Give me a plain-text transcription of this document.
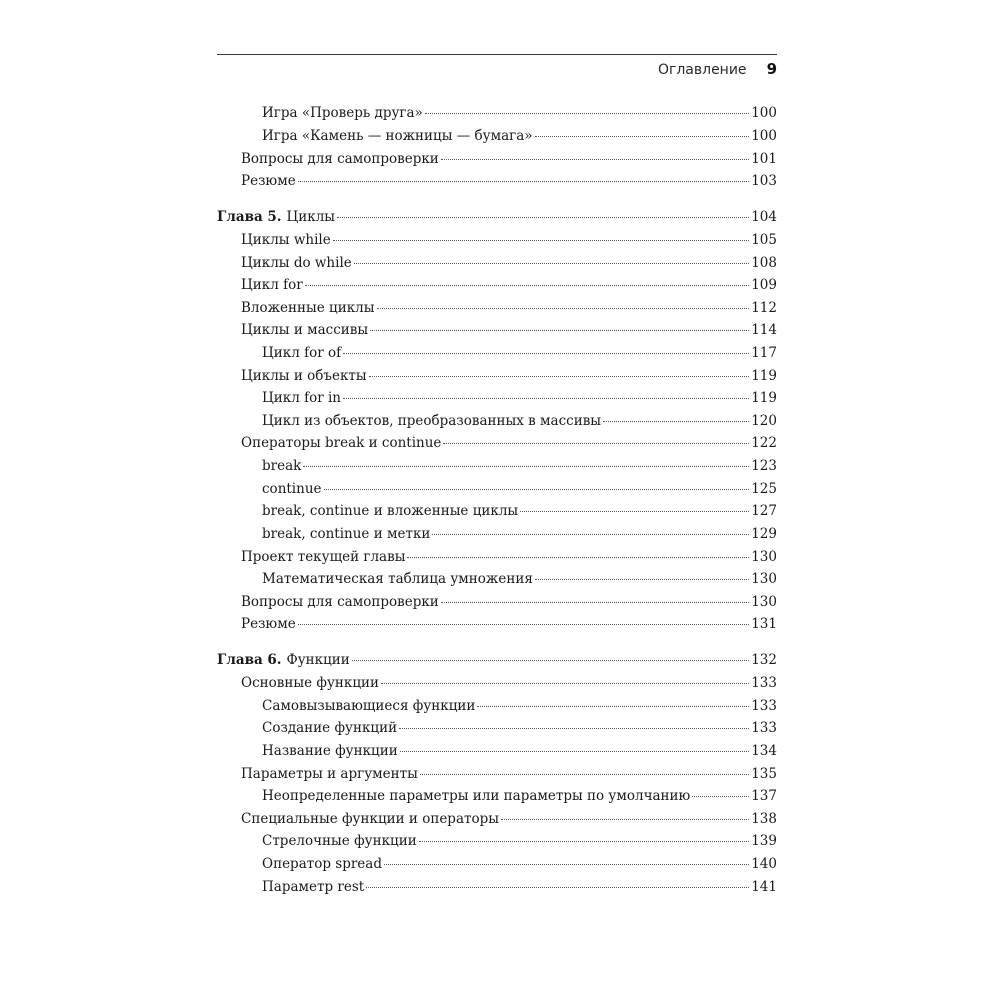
Оглавление 9
Игра «Проверь друга»	100
Игра «Камень — ножницы — бумага»	100
Вопросы для самопроверки	101
Резюме	103
Глава 5. Циклы	104
Циклы while	105
Циклы do while	108
Цикл for	109
Вложенные циклы	112
Циклы и массивы	114
Цикл for of	117
Циклы и объекты	119
Цикл for in	119
Цикл из объектов, преобразованных в массивы	120
Операторы break и continue	122
break	123
continue	125
break, continue и вложенные циклы	127
break, continue и метки	129
Проект текущей главы	130
Математическая таблица умножения	130
Вопросы для самопроверки	130
Резюме	131
Глава 6. Функции	132
Основные функции	133
Самовызывающиеся функции	133
Создание функций	133
Название функции	134
Параметры и аргументы	135
Неопределенные параметры или параметры по умолчанию	137
Специальные функции и операторы	138
Стрелочные функции	139
Оператор spread	140
Параметр rest	141
